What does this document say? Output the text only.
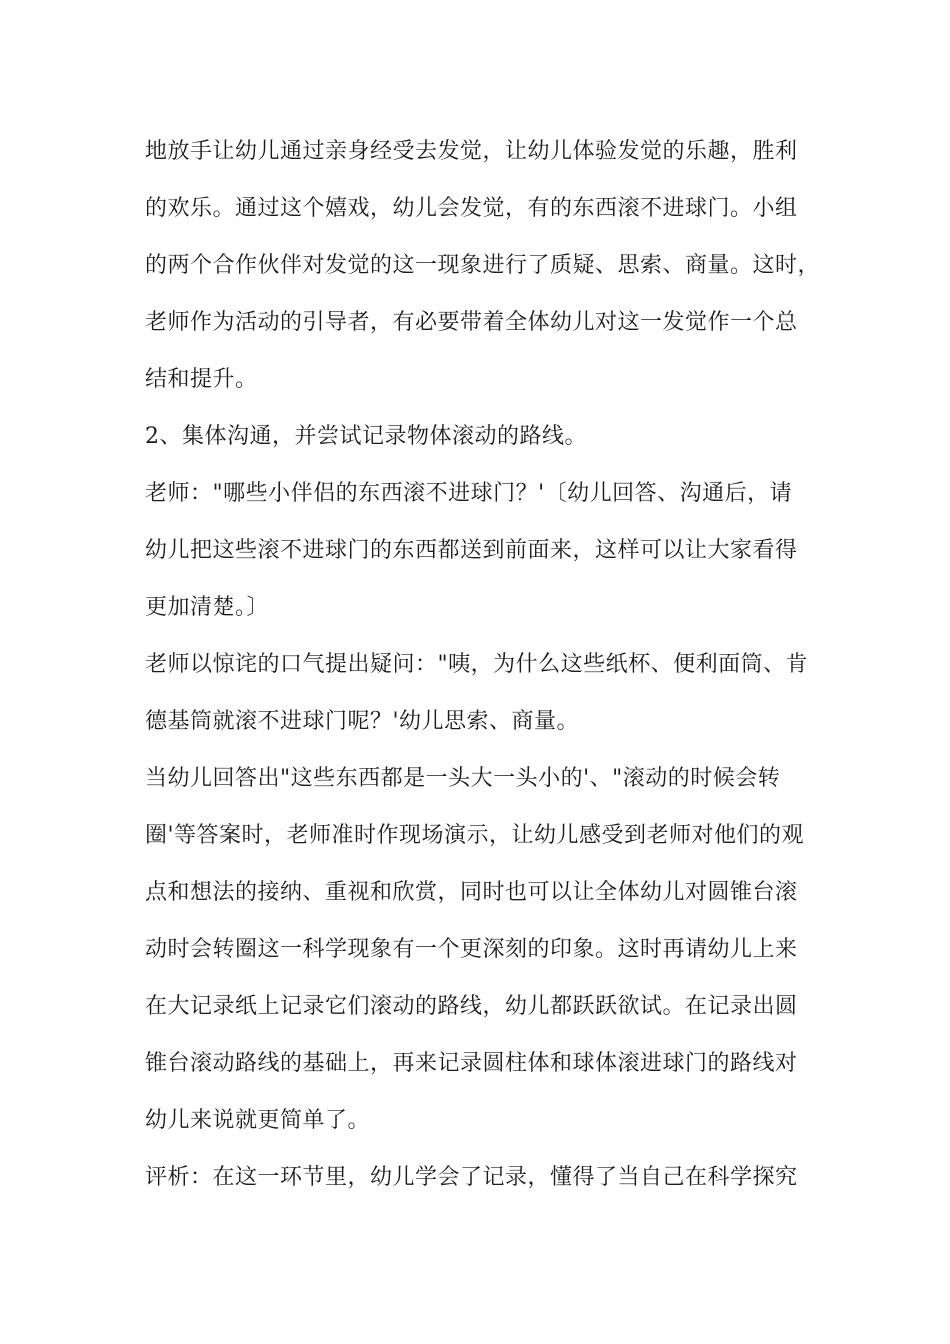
地放手让幼儿通过亲身经受去发觉，让幼儿体验发觉的乐趣，胜利
的欢乐。通过这个嬉戏，幼儿会发觉，有的东西滚不进球门。小组
的两个合作伙伴对发觉的这一现象进行了质疑、思索、商量。这时，
老师作为活动的引导者，有必要带着全体幼儿对这一发觉作一个总
结和提升。
2、集体沟通，并尝试记录物体滚动的路线。
老师："哪些小伴侣的东西滚不进球门？'〔幼儿回答、沟通后，请
幼儿把这些滚不进球门的东西都送到前面来，这样可以让大家看得
更加清楚。〕
老师以惊诧的口气提出疑问："咦，为什么这些纸杯、便利面筒、肯
德基筒就滚不进球门呢？'幼儿思索、商量。
当幼儿回答出"这些东西都是一头大一头小的'、"滚动的时候会转
圈'等答案时，老师准时作现场演示，让幼儿感受到老师对他们的观
点和想法的接纳、重视和欣赏，同时也可以让全体幼儿对圆锥台滚
动时会转圈这一科学现象有一个更深刻的印象。这时再请幼儿上来
在大记录纸上记录它们滚动的路线，幼儿都跃跃欲试。在记录出圆
锥台滚动路线的基础上，再来记录圆柱体和球体滚进球门的路线对
幼儿来说就更简单了。
评析：在这一环节里，幼儿学会了记录，懂得了当自己在科学探究
